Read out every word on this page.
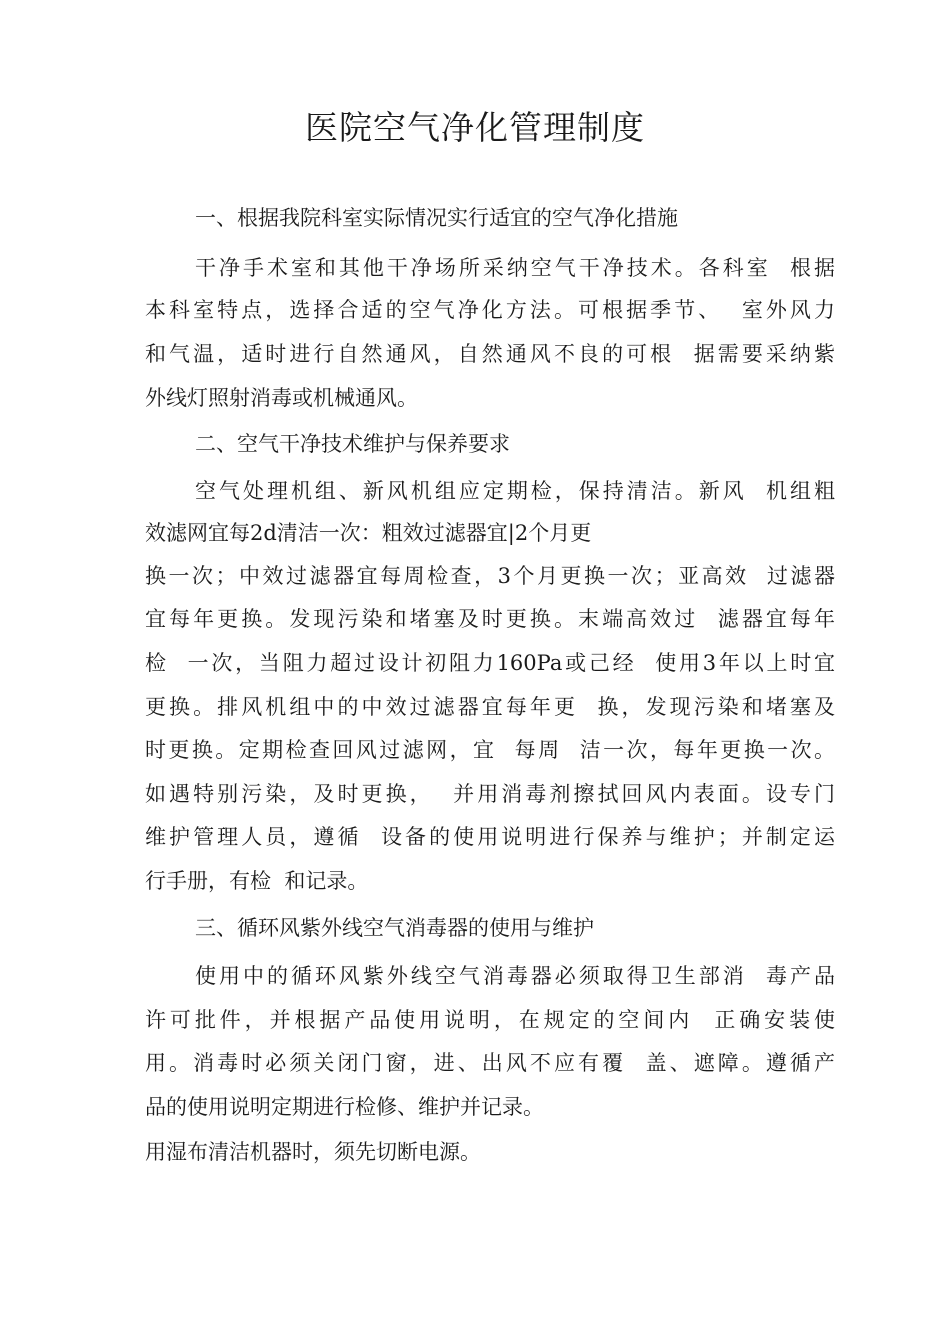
医院空气净化管理制度
一、根据我院科室实际情况实行适宜的空气净化措施
干净手术室和其他干净场所采纳空气干净技术。各科室  根据
本科室特点，选择合适的空气净化方法。可根据季节、  室外风力
和气温，适时进行自然通风，自然通风不良的可根  据需要采纳紫
外线灯照射消毒或机械通风。
二、空气干净技术维护与保养要求
空气处理机组、新风机组应定期检，保持清洁。新风  机组粗
效滤网宜每2d清洁一次：粗效过滤器宜|2个月更
换一次；中效过滤器宜每周检查，3个月更换一次；亚高效  过滤器
宜每年更换。发现污染和堵塞及时更换。末端高效过  滤器宜每年
检  一次，当阻力超过设计初阻力160Pa或己经  使用3年以上时宜
更换。排风机组中的中效过滤器宜每年更  换，发现污染和堵塞及
时更换。定期检查回风过滤网，宜  每周  洁一次，每年更换一次。
如遇特别污染，及时更换，  并用消毒剂擦拭回风内表面。设专门
维护管理人员，遵循  设备的使用说明进行保养与维护；并制定运
行手册，有检  和记录。
三、循环风紫外线空气消毒器的使用与维护
使用中的循环风紫外线空气消毒器必须取得卫生部消  毒产品
许可批件，并根据产品使用说明，在规定的空间内  正确安装使
用。消毒时必须关闭门窗，进、出风不应有覆  盖、遮障。遵循产
品的使用说明定期进行检修、维护并记录。
用湿布清洁机器时，须先切断电源。
